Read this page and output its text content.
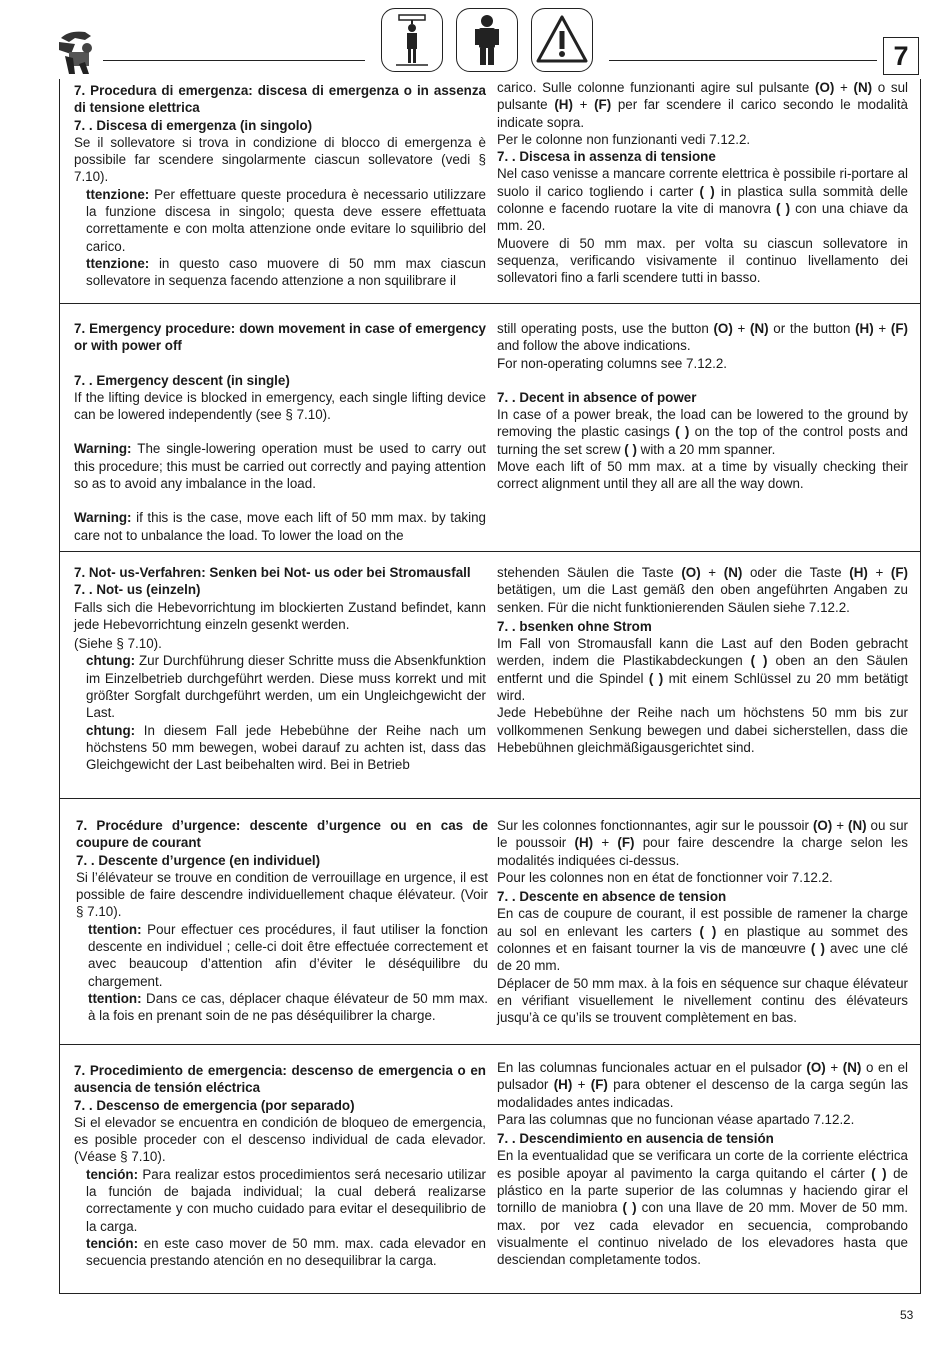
7

7. Procedura di emergenza: discesa di emergenza o in assenza di tensione elettrica

7. . Discesa di emergenza (in singolo)

Se il sollevatore si trova in condizione di blocco di emergenza è possibile far scendere singolarmente ciascun sollevatore (vedi § 7.10).

ttenzione: Per effettuare queste procedura è necessario utilizzare la funzione discesa in singolo; questa deve essere effettuata correttamente e con molta attenzione onde evitare lo squilibrio del carico.

ttenzione: in questo caso muovere di 50 mm max ciascun sollevatore in sequenza facendo attenzione a non squilibrare il

carico. Sulle colonne funzionanti agire sul pulsante (O) + (N) o sul pulsante (H) + (F) per far scendere il carico secondo le modalità indicate sopra.

Per le colonne non funzionanti vedi 7.12.2.

7. . Discesa in assenza di tensione

Nel caso venisse a mancare corrente elettrica è possibile ri-portare al suolo il carico togliendo i carter ( ) in plastica sulla sommità delle colonne e facendo ruotare la vite di manovra ( ) con una chiave da mm. 20.

Muovere di 50 mm max. per volta su ciascun sollevatore in sequenza, verificando visivamente il continuo livellamento dei sollevatori fino a farli scendere tutti in basso.

7. Emergency procedure: down movement in case of emergency or with power off

7. . Emergency descent (in single)

If the lifting device is blocked in emergency, each single lifting device can be lowered independently (see § 7.10).

Warning: The single-lowering operation must be used to carry out this procedure; this must be carried out correctly and paying attention so as to avoid any imbalance in the load.

Warning: if this is the case, move each lift of 50 mm max. by taking care not to unbalance the load. To lower the load on the

still operating posts, use the button (O) + (N) or the button (H) + (F) and follow the above indications.

For non-operating columns see 7.12.2.

7. . Decent in absence of power

In case of a power break, the load can be lowered to the ground by removing the plastic casings ( ) on the top of the control posts and turning the set screw ( ) with a 20 mm spanner.

Move each lift of 50 mm max. at a time by visually checking their correct alignment until they all are all the way down.

7. Not- us-Verfahren: Senken bei Not- us oder bei Stromausfall

7. . Not- us (einzeln)

Falls sich die Hebevorrichtung im blockierten Zustand befindet, kann jede Hebevorrichtung einzeln gesenkt werden.

(Siehe § 7.10).

chtung: Zur Durchführung dieser Schritte muss die Absenkfunktion im Einzelbetrieb durchgeführt werden. Diese muss korrekt und mit größter Sorgfalt durchgeführt werden, um ein Ungleichgewicht der Last.

chtung: In diesem Fall jede Hebebühne der Reihe nach um höchstens 50 mm bewegen, wobei darauf zu achten ist, dass das Gleichgewicht der Last beibehalten wird. Bei in Betrieb

stehenden Säulen die Taste (O) + (N) oder die Taste (H) + (F) betätigen, um die Last gemäß den oben angeführten Angaben zu senken. Für die nicht funktionierenden Säulen siehe 7.12.2.

7. . bsenken ohne Strom

Im Fall von Stromausfall kann die Last auf den Boden gebracht werden, indem die Plastikabdeckungen ( ) oben an den Säulen entfernt und die Spindel ( ) mit einem Schlüssel zu 20 mm betätigt wird.

Jede Hebebühne der Reihe nach um höchstens 50 mm bis zur vollkommenen Senkung bewegen und dabei sicherstellen, dass die Hebebühnen gleichmäßigausgerichtet sind.

7. Procédure d’urgence: descente d’urgence ou en cas de coupure de courant

7. . Descente d’urgence (en individuel)

Si l’élévateur se trouve en condition de verrouillage en urgence, il est possible de faire descendre individuellement chaque élévateur. (Voir § 7.10).

ttention: Pour effectuer ces procédures, il faut utiliser la fonction descente en individuel ; celle-ci doit être effectuée correctement et avec beaucoup d’attention afin d’éviter le déséquilibre du chargement.

ttention: Dans ce cas, déplacer chaque élévateur de 50 mm max. à la fois en prenant soin de ne pas déséquilibrer la charge.

Sur les colonnes fonctionnantes, agir sur le poussoir (O) + (N) ou sur le poussoir (H) + (F) pour faire descendre la charge selon les modalités indiquées ci-dessus.

Pour les colonnes non en état de fonctionner voir 7.12.2.

7. . Descente en absence de tension

En cas de coupure de courant, il est possible de ramener la charge au sol en enlevant les carters ( ) en plastique au sommet des colonnes et en faisant tourner la vis de manœuvre ( ) avec une clé de 20 mm.

Déplacer de 50 mm max. à la fois en séquence sur chaque élévateur en vérifiant visuellement le nivellement continu des élévateurs jusqu’à ce qu’ils se trouvent complètement en bas.

7. Procedimiento de emergencia: descenso de emergencia o en ausencia de tensión eléctrica

7. . Descenso de emergencia (por separado)

Si el elevador se encuentra en condición de bloqueo de emergencia, es posible proceder con el descenso individual de cada elevador. (Véase § 7.10).

tención: Para realizar estos procedimientos será necesario utilizar la función de bajada individual; la cual deberá realizarse correctamente y con mucho cuidado para evitar el desequilibrio de la carga.

tención: en este caso mover de 50 mm. max. cada elevador en secuencia prestando atención en no desequilibrar la carga.

En las columnas funcionales actuar en el pulsador (O) + (N) o en el pulsador (H) + (F) para obtener el descenso de la carga según las modalidades antes indicadas.

Para las columnas que no funcionan véase apartado 7.12.2.

7. . Descendimiento en ausencia de tensión

En la eventualidad que se verificara un corte de la corriente eléctrica es posible apoyar al pavimento la carga quitando el cárter ( ) de plástico en la parte superior de las columnas y haciendo girar el tornillo de maniobra ( ) con una llave de 20 mm. Mover de 50 mm. max. por vez cada elevador en secuencia, comprobando visualmente el continuo nivelado de los elevadores hasta que desciendan completamente todos.

53
